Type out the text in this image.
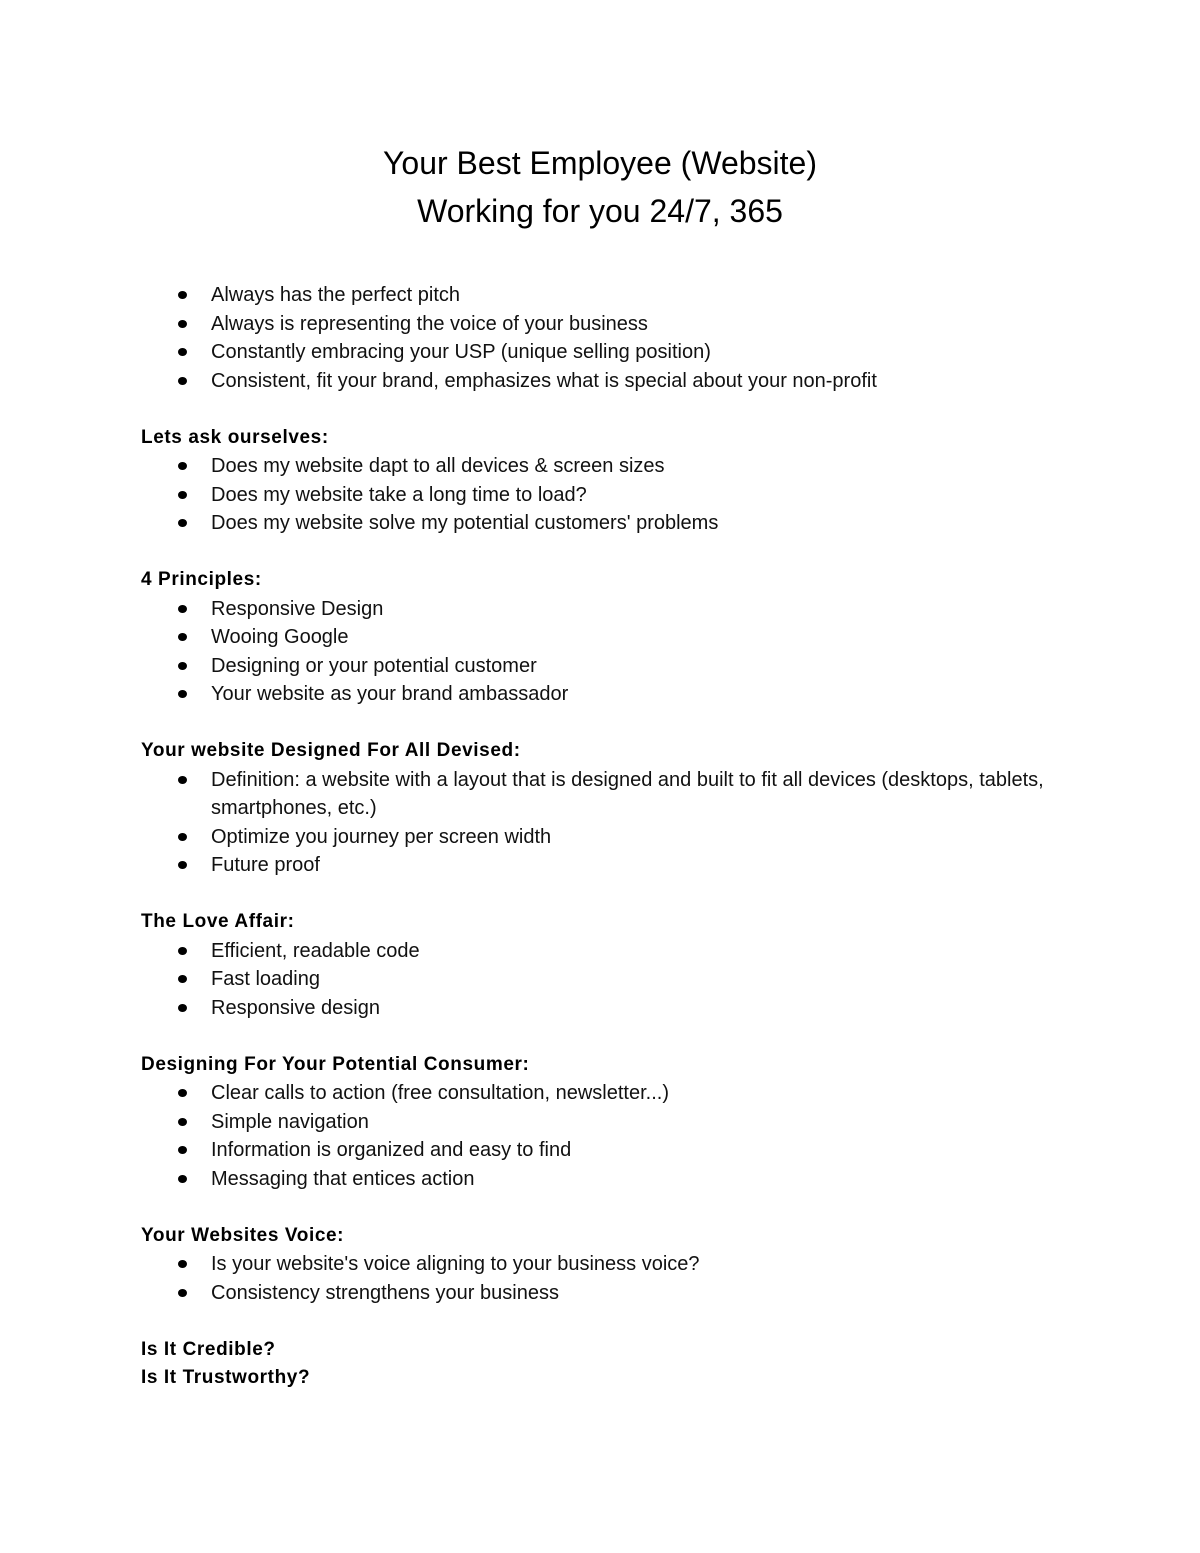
Your Best Employee (Website)
Working for you 24/7, 365
Always has the perfect pitch
Always is representing the voice of your business
Constantly embracing your USP (unique selling position)
Consistent, fit your brand, emphasizes what is special about your non-profit
Lets ask ourselves:
Does my website dapt to all devices & screen sizes
Does my website take a long time to load?
Does my website solve my potential customers' problems
4 Principles:
Responsive Design
Wooing Google
Designing or your potential customer
Your website as your brand ambassador
Your website Designed For All Devised:
Definition: a website with a layout that is designed and built to fit all devices (desktops, tablets, smartphones, etc.)
Optimize you journey per screen width
Future proof
The Love Affair:
Efficient, readable code
Fast loading
Responsive design
Designing For Your Potential Consumer:
Clear calls to action (free consultation, newsletter...)
Simple navigation
Information is organized and easy to find
Messaging that entices action
Your Websites Voice:
Is your website's voice aligning to your business voice?
Consistency strengthens your business
Is It Credible?
Is It Trustworthy?
